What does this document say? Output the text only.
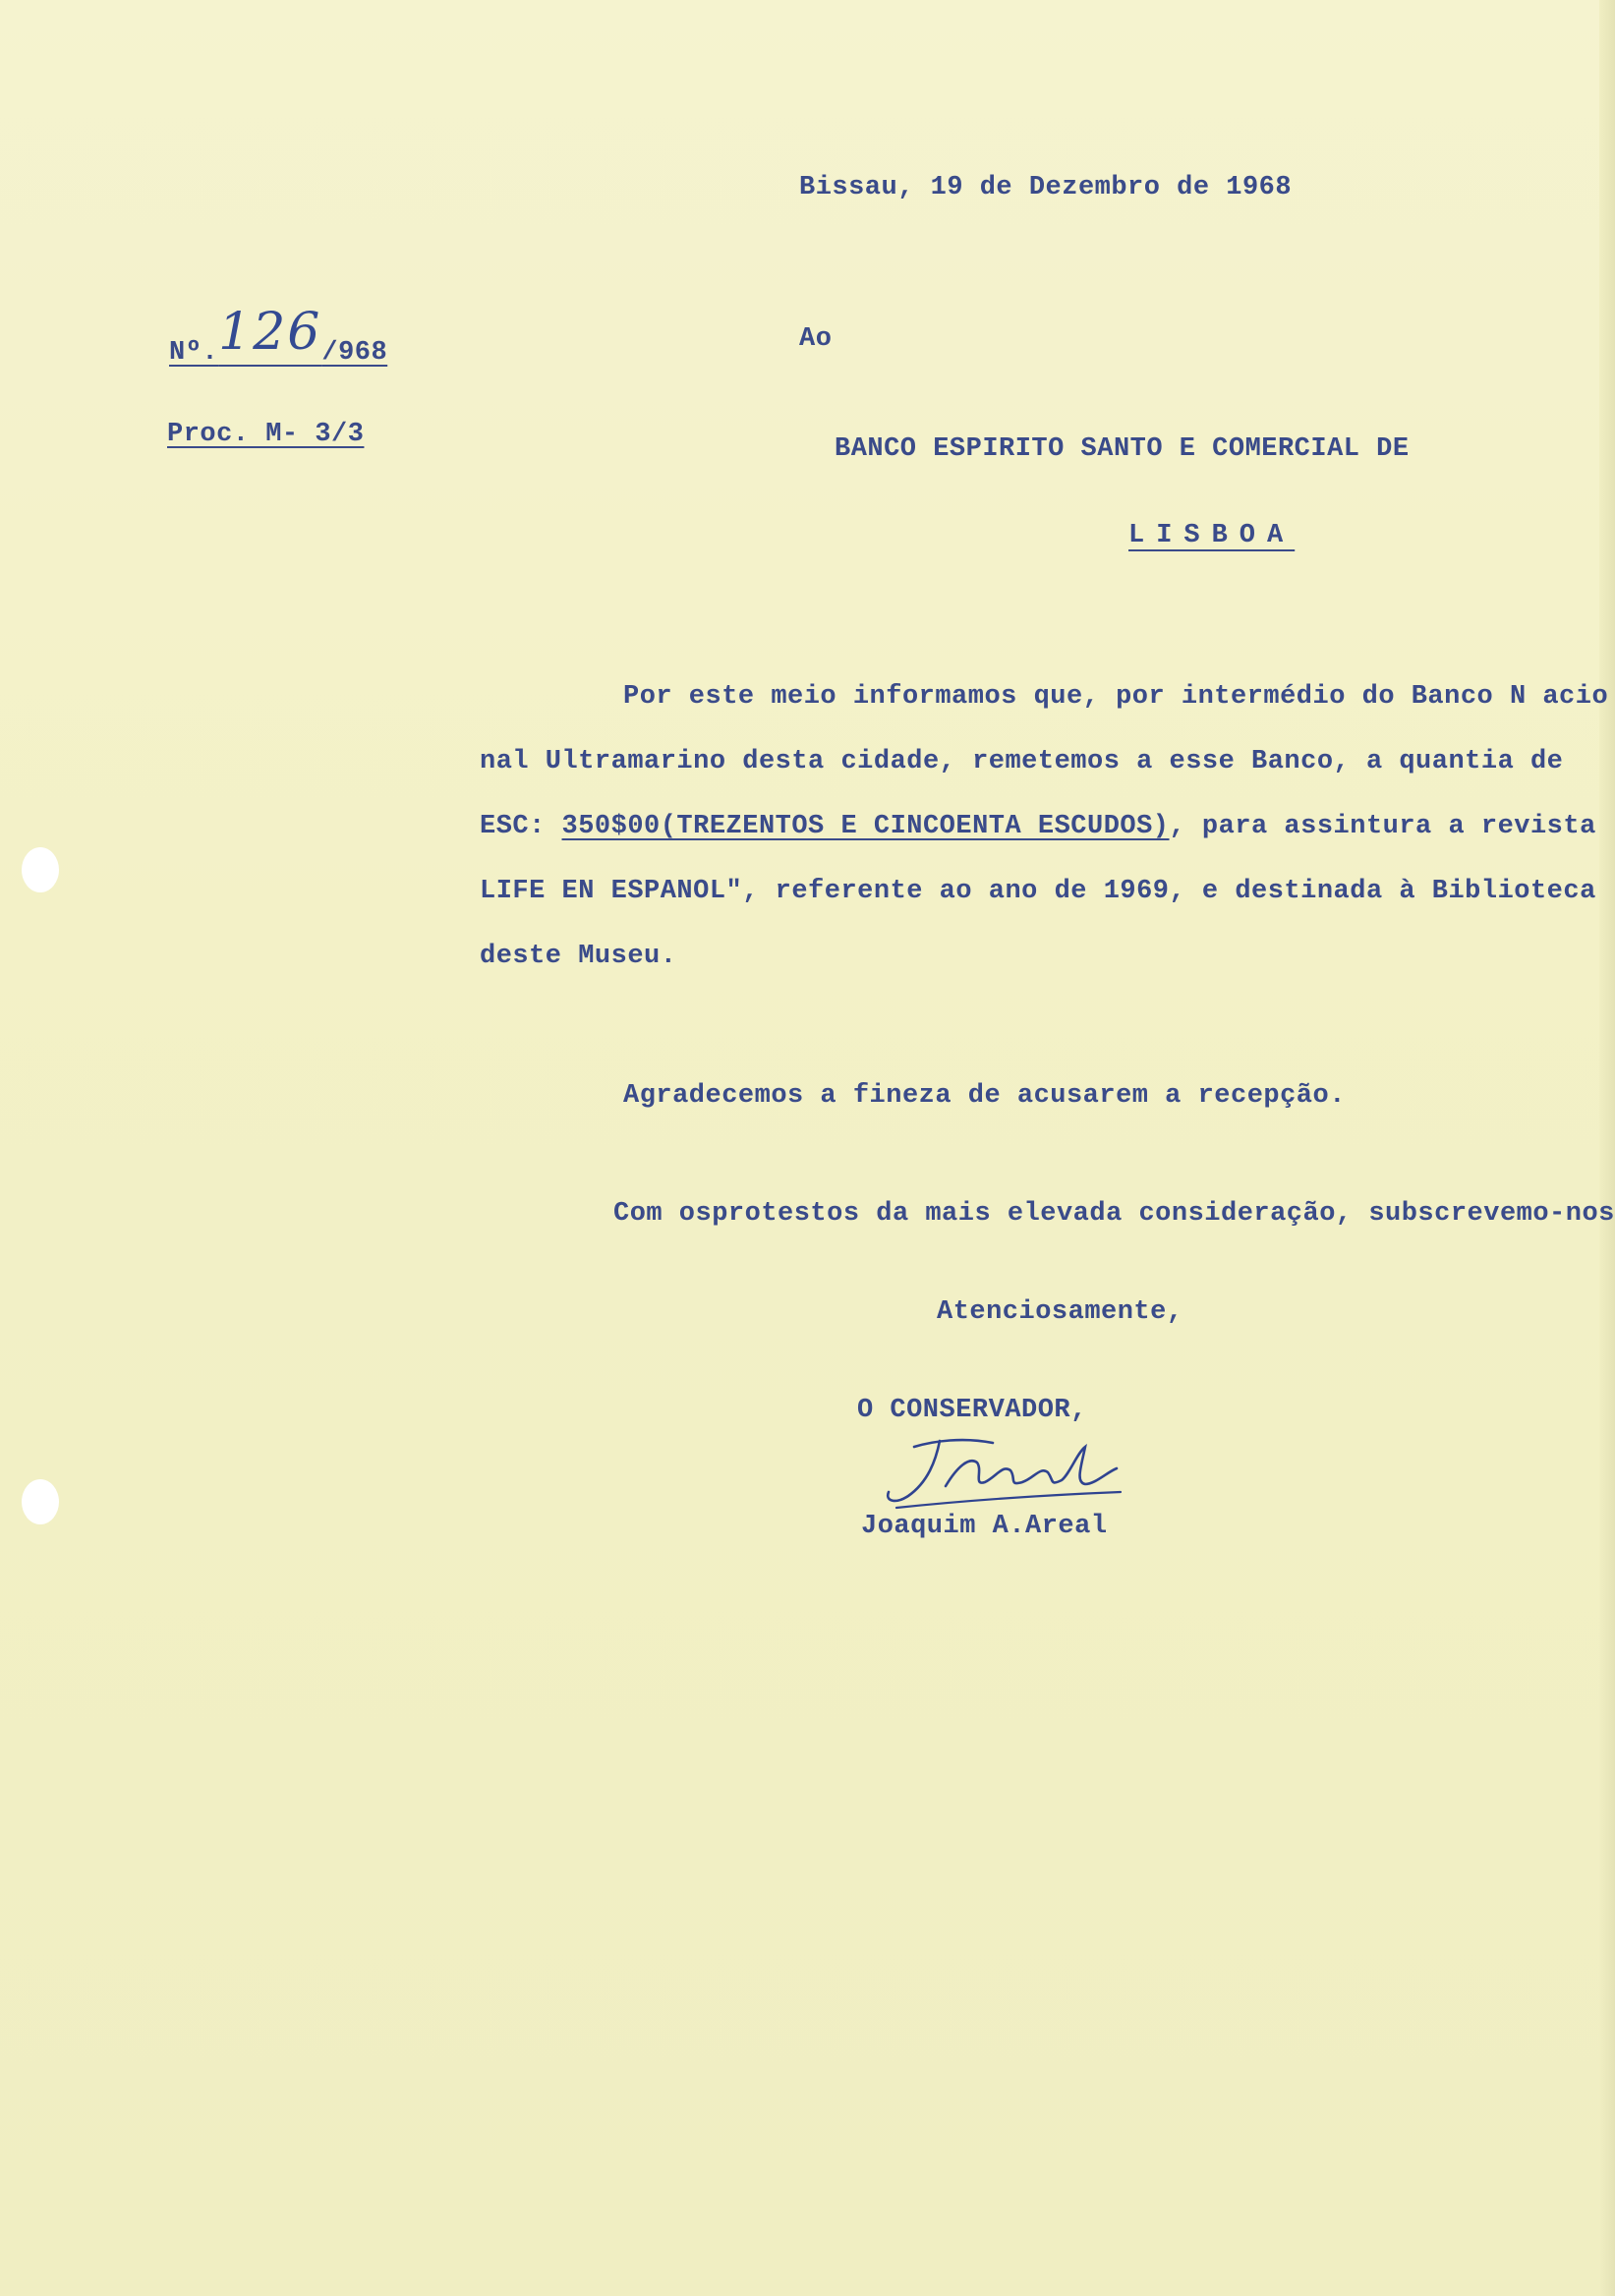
Bissau, 19 de Dezembro de 1968

Nº.126/968

Proc. M- 3/3

Ao

BANCO ESPIRITO SANTO E COMERCIAL DE

LISBOA

Por este meio informamos que, por intermédio do Banco N acio

nal Ultramarino desta cidade, remetemos a esse Banco, a quantia de

ESC: 350$00(TREZENTOS E CINCOENTA ESCUDOS), para assintura a revista

LIFE EN ESPANOL", referente ao ano de 1969, e destinada à Biblioteca

deste Museu.

Agradecemos a fineza de acusarem a recepção.

Com osprotestos da mais elevada consideração, subscrevemo-nos

Atenciosamente,

O CONSERVADOR,

Joaquim A.Areal
